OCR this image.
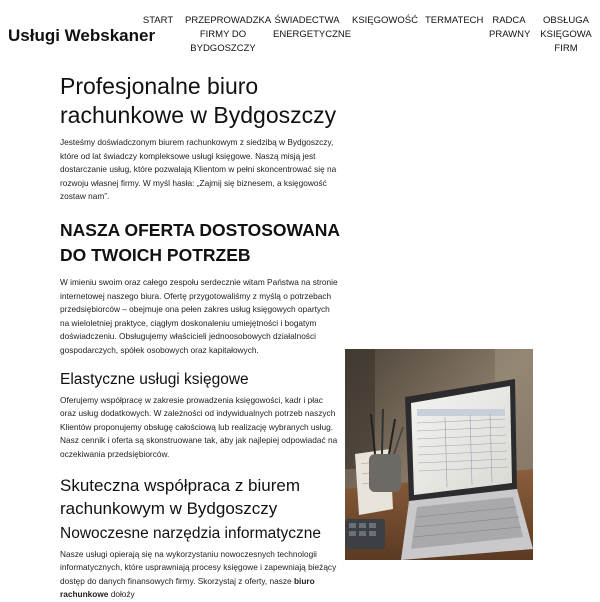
Usługi Webskaner
START	PRZEPROWADZKA
FIRMY DO
BYDGOSZCZY
ŚWIADECTWA
ENERGETYCZNE
KSIĘGOWOŚĆ TERMATECH RADCA
PRAWNY
OBSŁUGA
KSIĘGOWA
FIRM
Profesjonalne biuro rachunkowe w Bydgoszczy

Jesteśmy doświadczonym biurem rachunkowym z siedzibą w Bydgoszczy, które od lat świadczy kompleksowe usługi księgowe. Naszą misją jest dostarczanie usług, które pozwalają Klientom w pełni skoncentrować się na rozwoju własnej firmy. W myśl hasła: „Zajmij się biznesem, a księgowość zostaw nam”.

NASZA OFERTA DOSTOSOWANA DO TWOICH POTRZEB

W imieniu swoim oraz całego zespołu serdecznie witam Państwa na stronie internetowej naszego biura. Ofertę przygotowaliśmy z myślą o potrzebach przedsiębiorców – obejmuje ona pełen zakres usług księgowych opartych na wieloletniej praktyce, ciągłym doskonaleniu umiejętności i bogatym doświadczeniu. Obsługujemy właścicieli jednoosobowych działalności gospodarczych, spółek osobowych oraz kapitałowych.

Elastyczne usługi księgowe

Oferujemy współpracę w zakresie prowadzenia księgowości, kadr i płac oraz usług dodatkowych. W zależności od indywidualnych potrzeb naszych Klientów proponujemy obsługę całościową lub realizację wybranych usług. Nasz cennik i oferta są skonstruowane tak, aby jak najlepiej odpowiadać na oczekiwania przedsiębiorców.

Skuteczna współpraca z biurem rachunkowym w Bydgoszczy
Nowoczesne narzędzia informatyczne

Nasze usługi opierają się na wykorzystaniu nowoczesnych technologii informatycznych, które usprawniają procesy księgowe i zapewniają bieżący dostęp do danych finansowych firmy. Skorzystaj z oferty, nasze biuro rachunkowe dołoży
